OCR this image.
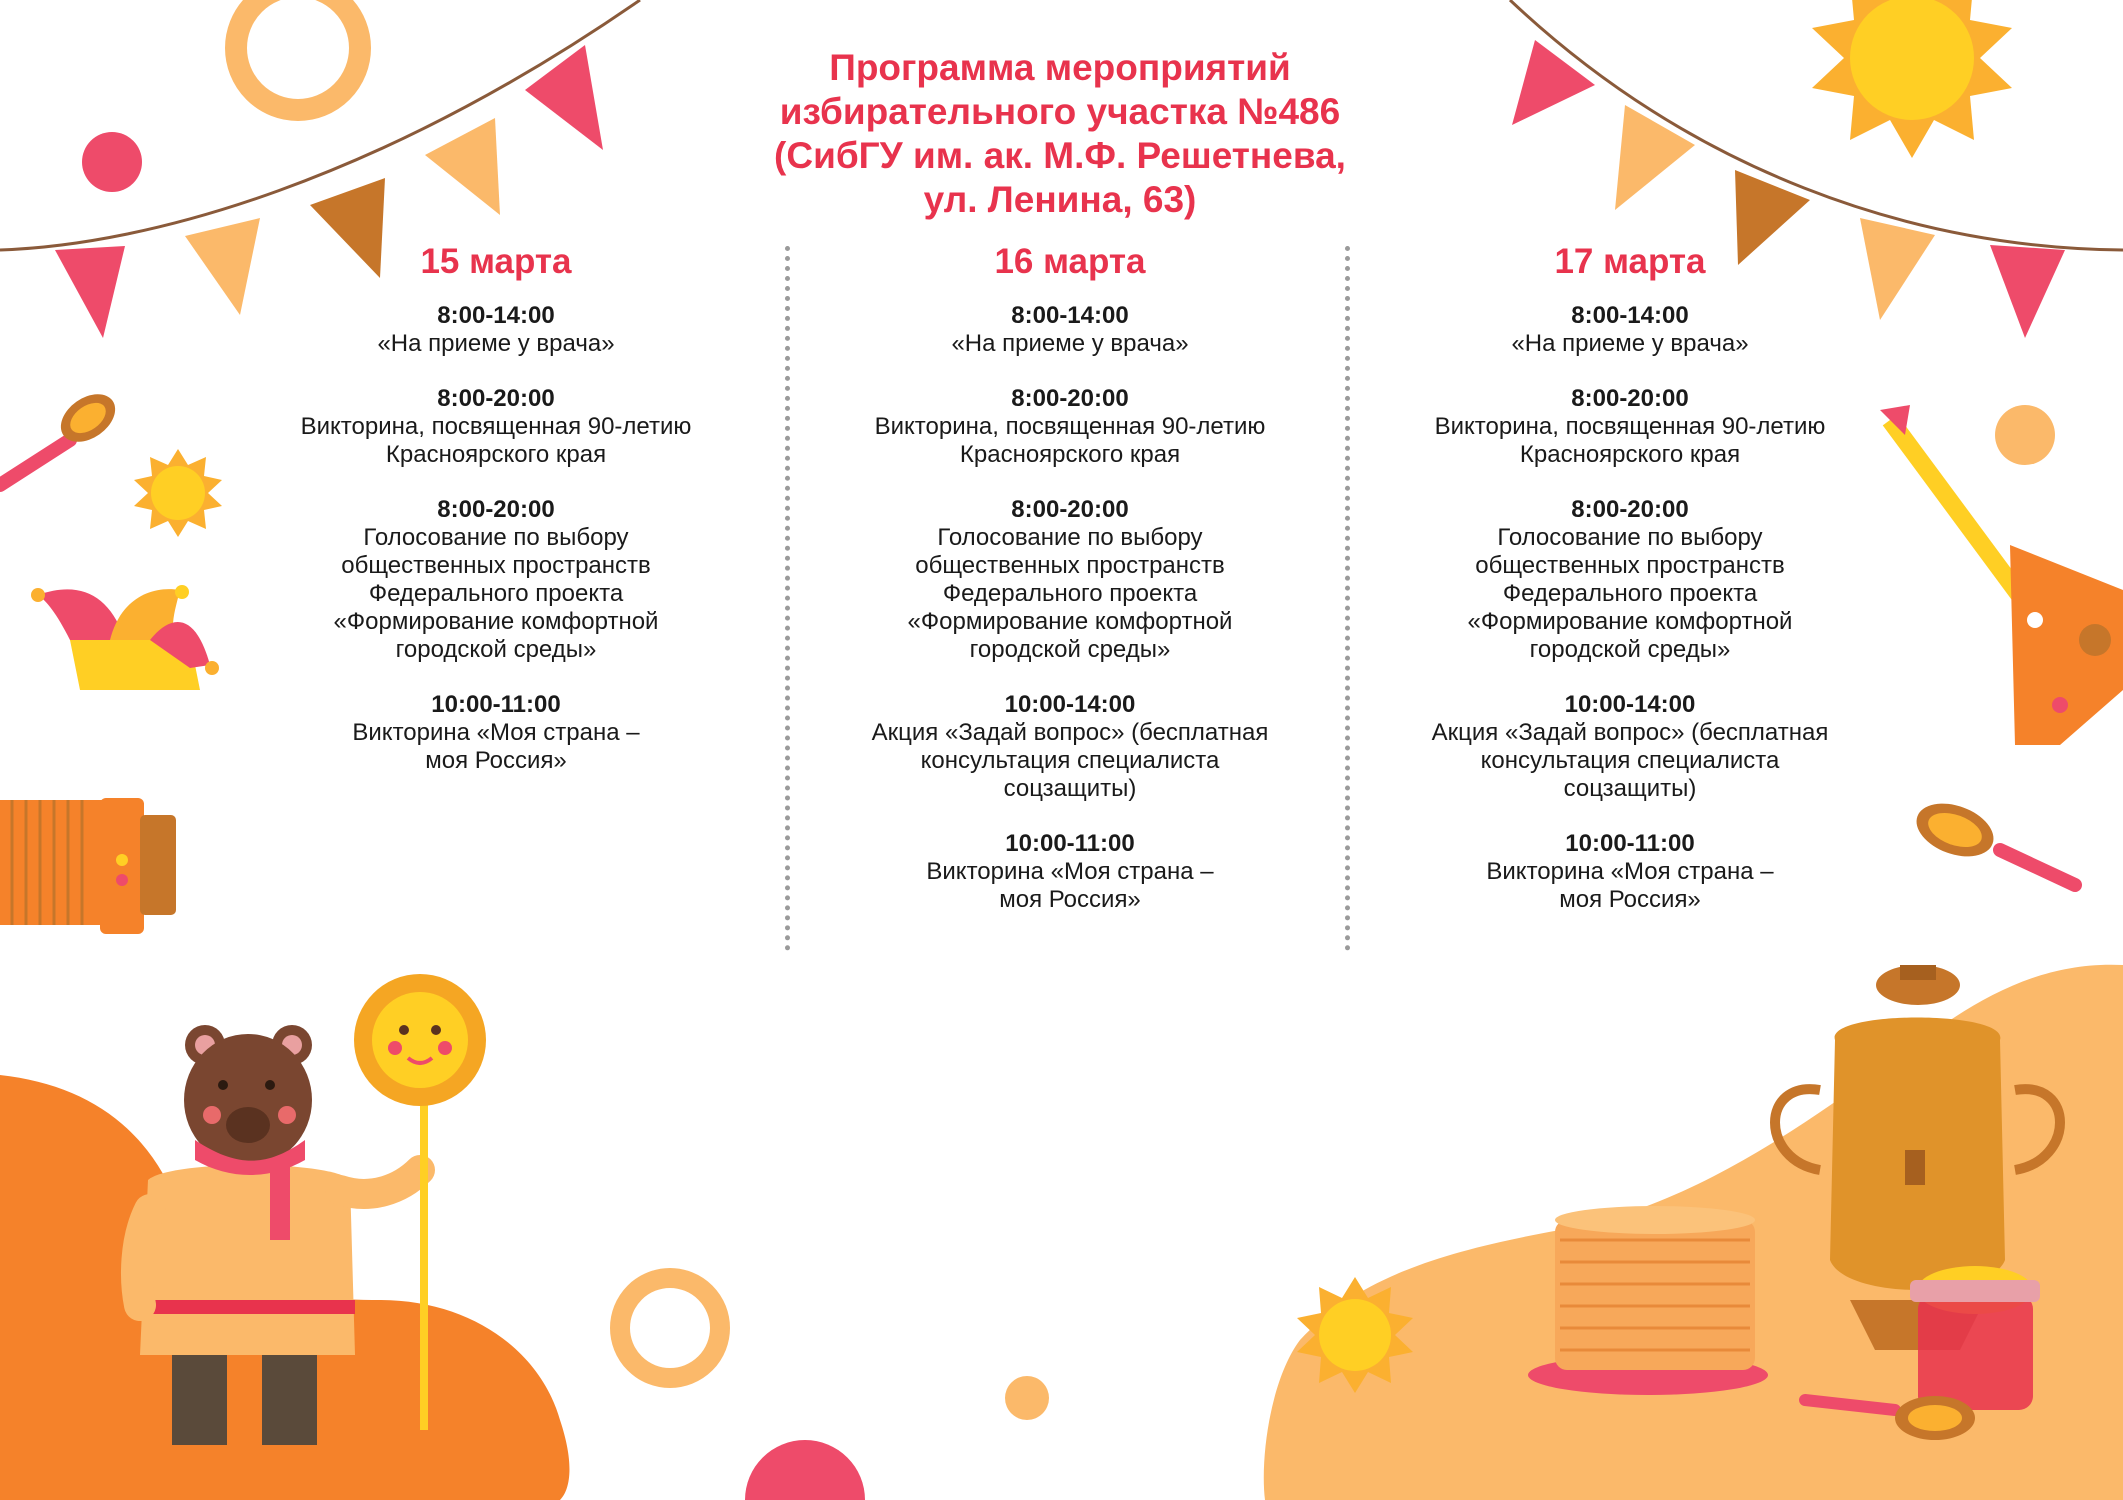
Программа мероприятий
избирательного участка №486
(СибГУ им. ак. М.Ф. Решетнева,
ул. Ленина, 63)
15 марта
8:00-14:00
«На приеме у врача»
8:00-20:00
Викторина, посвященная 90-летию
Красноярского края
8:00-20:00
Голосование по выбору
общественных пространств
Федерального проекта
«Формирование комфортной
городской среды»
10:00-11:00
Викторина «Моя страна –
моя Россия»
16 марта
8:00-14:00
«На приеме у врача»
8:00-20:00
Викторина, посвященная 90-летию
Красноярского края
8:00-20:00
Голосование по выбору
общественных пространств
Федерального проекта
«Формирование комфортной
городской среды»
10:00-14:00
Акция «Задай вопрос» (бесплатная
консультация специалиста
соцзащиты)
10:00-11:00
Викторина «Моя страна –
моя Россия»
17 марта
8:00-14:00
«На приеме у врача»
8:00-20:00
Викторина, посвященная 90-летию
Красноярского края
8:00-20:00
Голосование по выбору
общественных пространств
Федерального проекта
«Формирование комфортной
городской среды»
10:00-14:00
Акция «Задай вопрос» (бесплатная
консультация специалиста
соцзащиты)
10:00-11:00
Викторина «Моя страна –
моя Россия»
